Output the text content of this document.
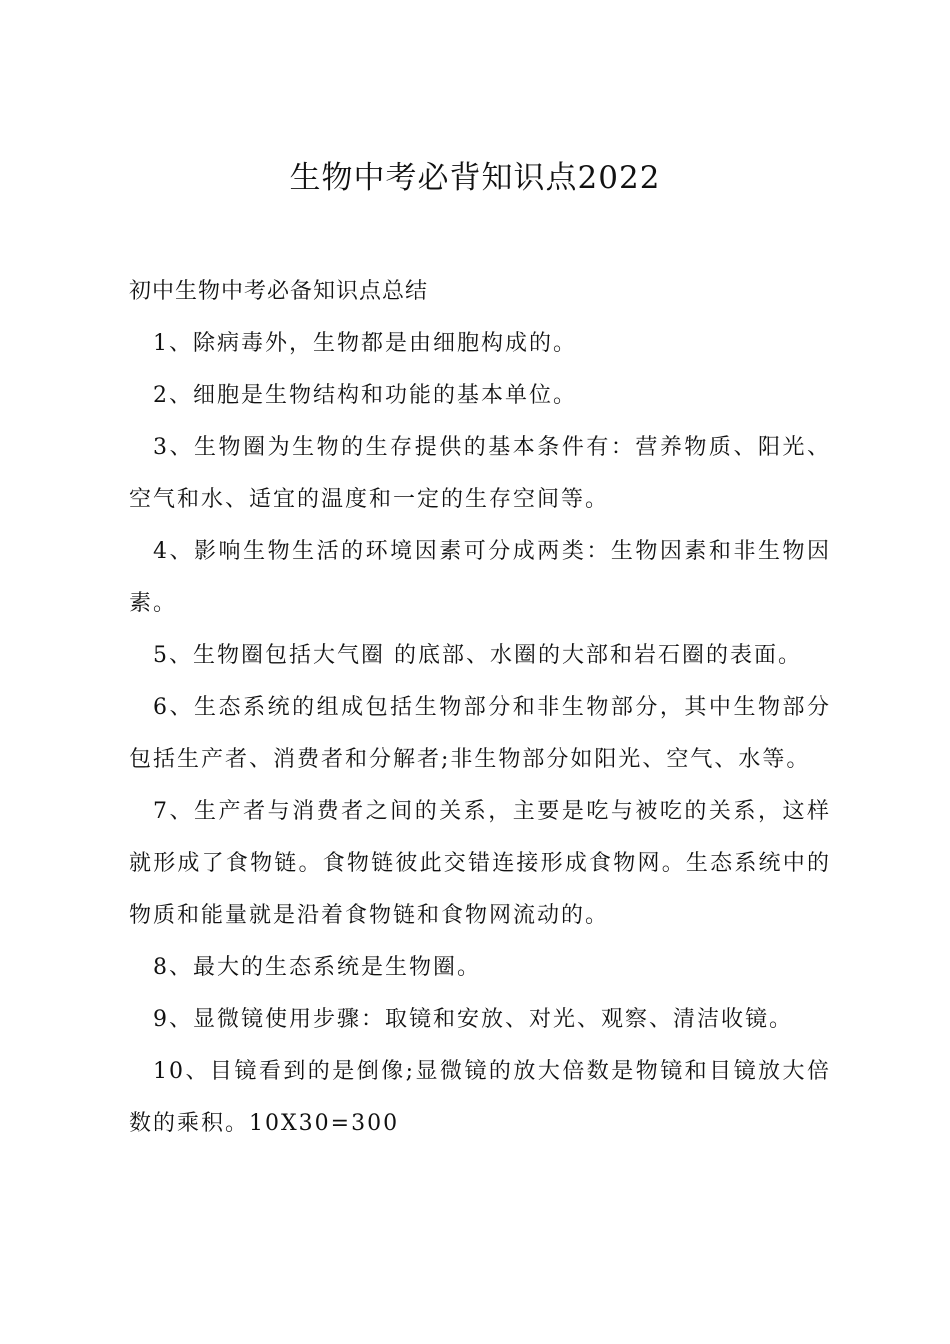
生物中考必背知识点2022
初中生物中考必备知识点总结
1、除病毒外，生物都是由细胞构成的。
2、细胞是生物结构和功能的基本单位。
3、生物圈为生物的生存提供的基本条件有：营养物质、阳光、空气和水、适宜的温度和一定的生存空间等。
4、影响生物生活的环境因素可分成两类：生物因素和非生物因素。
5、生物圈包括大气圈 的底部、水圈的大部和岩石圈的表面。
6、生态系统的组成包括生物部分和非生物部分，其中生物部分包括生产者、消费者和分解者;非生物部分如阳光、空气、水等。
7、生产者与消费者之间的关系，主要是吃与被吃的关系，这样就形成了食物链。食物链彼此交错连接形成食物网。生态系统中的物质和能量就是沿着食物链和食物网流动的。
8、最大的生态系统是生物圈。
9、显微镜使用步骤：取镜和安放、对光、观察、清洁收镜。
10、目镜看到的是倒像;显微镜的放大倍数是物镜和目镜放大倍数的乘积。10X30=300
